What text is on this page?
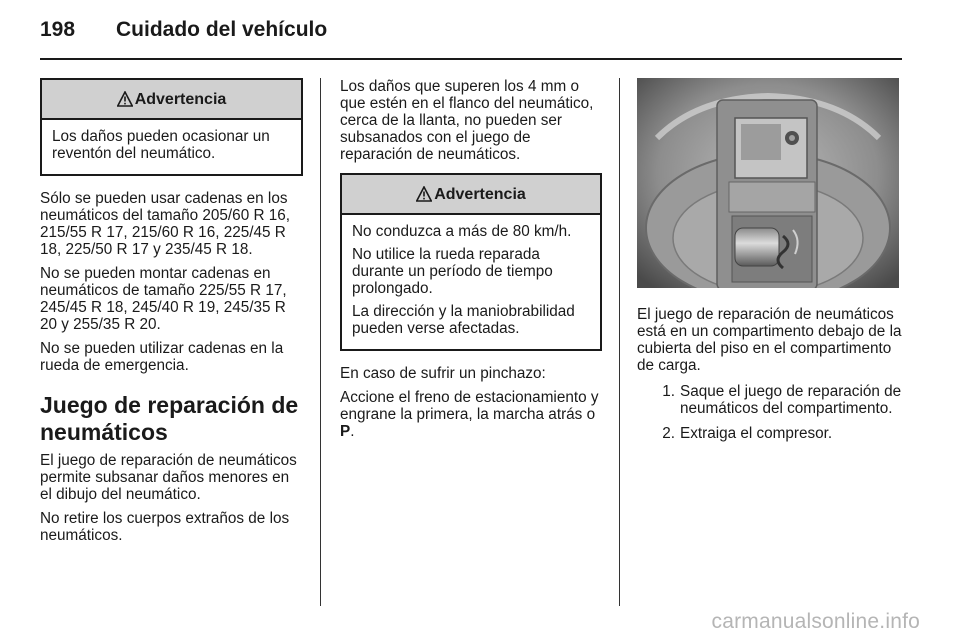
198	Cuidado del vehículo
Advertencia

Los daños pueden ocasionar un reventón del neumático.

Sólo se pueden usar cadenas en los neumáticos del tamaño 205/60 R 16, 215/55 R 17, 215/60 R 16, 225/45 R 18, 225/50 R 17 y 235/45 R 18.

No se pueden montar cadenas en neumáticos de tamaño 225/55 R 17, 245/45 R 18, 245/40 R 19, 245/35 R 20 y 255/35 R 20.

No se pueden utilizar cadenas en la rueda de emergencia.

Juego de reparación de neumáticos

El juego de reparación de neumáticos permite subsanar daños menores en el dibujo del neumático.

No retire los cuerpos extraños de los neumáticos.

Los daños que superen los 4 mm o que estén en el flanco del neumático, cerca de la llanta, no pueden ser subsanados con el juego de reparación de neumáticos.

Advertencia

No conduzca a más de 80 km/h.

No utilice la rueda reparada durante un período de tiempo prolongado.

La dirección y la maniobrabilidad pueden verse afectadas.

En caso de sufrir un pinchazo:

Accione el freno de estacionamiento y engrane la primera, la marcha atrás o P.

El juego de reparación de neumáticos está en un compartimento debajo de la cubierta del piso en el compartimento de carga.

1. Saque el juego de reparación de neumáticos del compartimento.
2. Extraiga el compresor.
carmanualsonline.info
